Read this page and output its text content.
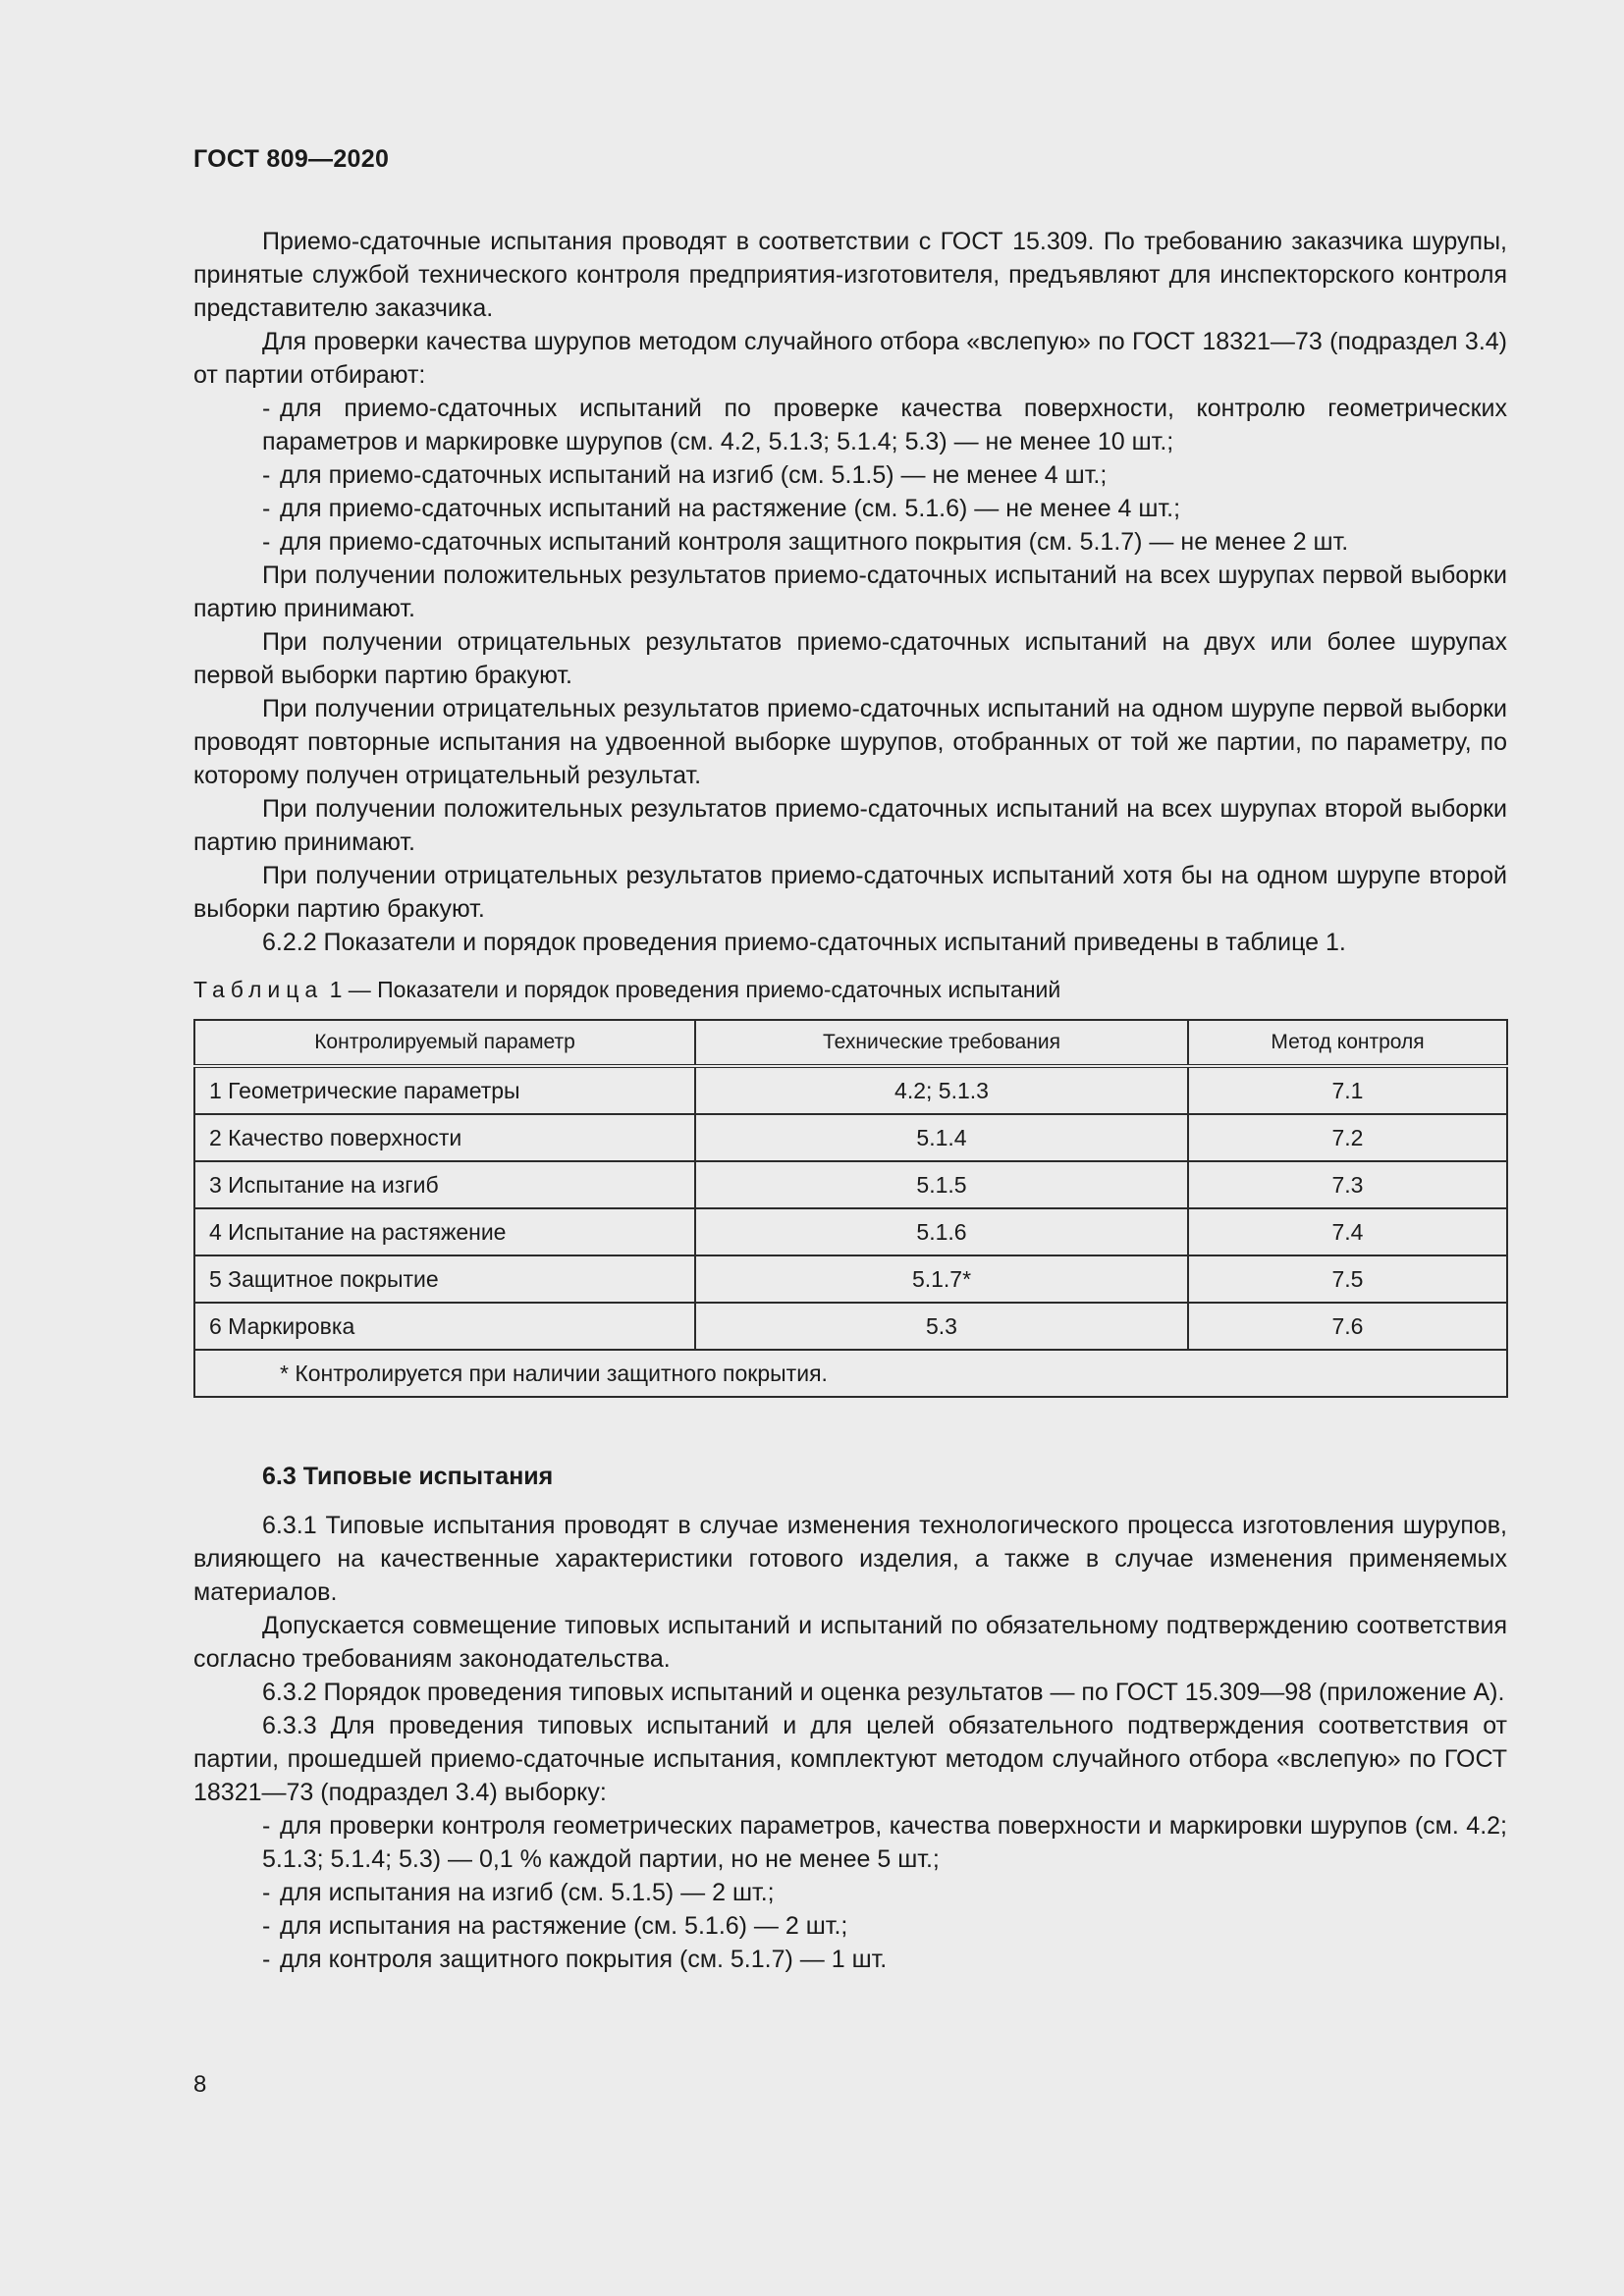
ГОСТ 809—2020

Приемо-сдаточные испытания проводят в соответствии с ГОСТ 15.309. По требованию заказчика шурупы, принятые службой технического контроля предприятия-изготовителя, предъявляют для инспекторского контроля представителю заказчика.

Для проверки качества шурупов методом случайного отбора «вслепую» по ГОСТ 18321—73 (подраздел 3.4) от партии отбирают:

- для приемо-сдаточных испытаний по проверке качества поверхности, контролю геометрических параметров и маркировке шурупов (см. 4.2, 5.1.3; 5.1.4; 5.3) — не менее 10 шт.;

- для приемо-сдаточных испытаний на изгиб (см. 5.1.5) — не менее 4 шт.;

- для приемо-сдаточных испытаний на растяжение (см. 5.1.6) — не менее 4 шт.;

- для приемо-сдаточных испытаний контроля защитного покрытия (см. 5.1.7) — не менее 2 шт.

При получении положительных результатов приемо-сдаточных испытаний на всех шурупах первой выборки партию принимают.

При получении отрицательных результатов приемо-сдаточных испытаний на двух или более шурупах первой выборки партию бракуют.

При получении отрицательных результатов приемо-сдаточных испытаний на одном шурупе первой выборки проводят повторные испытания на удвоенной выборке шурупов, отобранных от той же партии, по параметру, по которому получен отрицательный результат.

При получении положительных результатов приемо-сдаточных испытаний на всех шурупах второй выборки партию принимают.

При получении отрицательных результатов приемо-сдаточных испытаний хотя бы на одном шурупе второй выборки партию бракуют.

6.2.2 Показатели и порядок проведения приемо-сдаточных испытаний приведены в таблице 1.

Таблица 1 — Показатели и порядок проведения приемо-сдаточных испытаний
Контролируемый параметр	Технические требования	Метод контроля
1 Геометрические параметры	4.2; 5.1.3	7.1
2 Качество поверхности	5.1.4	7.2
3 Испытание на изгиб	5.1.5	7.3
4 Испытание на растяжение	5.1.6	7.4
5 Защитное покрытие	5.1.7*	7.5
6 Маркировка	5.3	7.6
* Контролируется при наличии защитного покрытия.		
6.3 Типовые испытания

6.3.1 Типовые испытания проводят в случае изменения технологического процесса изготовления шурупов, влияющего на качественные характеристики готового изделия, а также в случае изменения применяемых материалов.

Допускается совмещение типовых испытаний и испытаний по обязательному подтверждению соответствия согласно требованиям законодательства.

6.3.2 Порядок проведения типовых испытаний и оценка результатов — по ГОСТ 15.309—98 (приложение А).

6.3.3 Для проведения типовых испытаний и для целей обязательного подтверждения соответствия от партии, прошедшей приемо-сдаточные испытания, комплектуют методом случайного отбора «вслепую» по ГОСТ 18321—73 (подраздел 3.4) выборку:

- для проверки контроля геометрических параметров, качества поверхности и маркировки шурупов (см. 4.2; 5.1.3; 5.1.4; 5.3) — 0,1 % каждой партии, но не менее 5 шт.;

- для испытания на изгиб (см. 5.1.5) — 2 шт.;

- для испытания на растяжение (см. 5.1.6) — 2 шт.;

- для контроля защитного покрытия (см. 5.1.7) — 1 шт.

8
